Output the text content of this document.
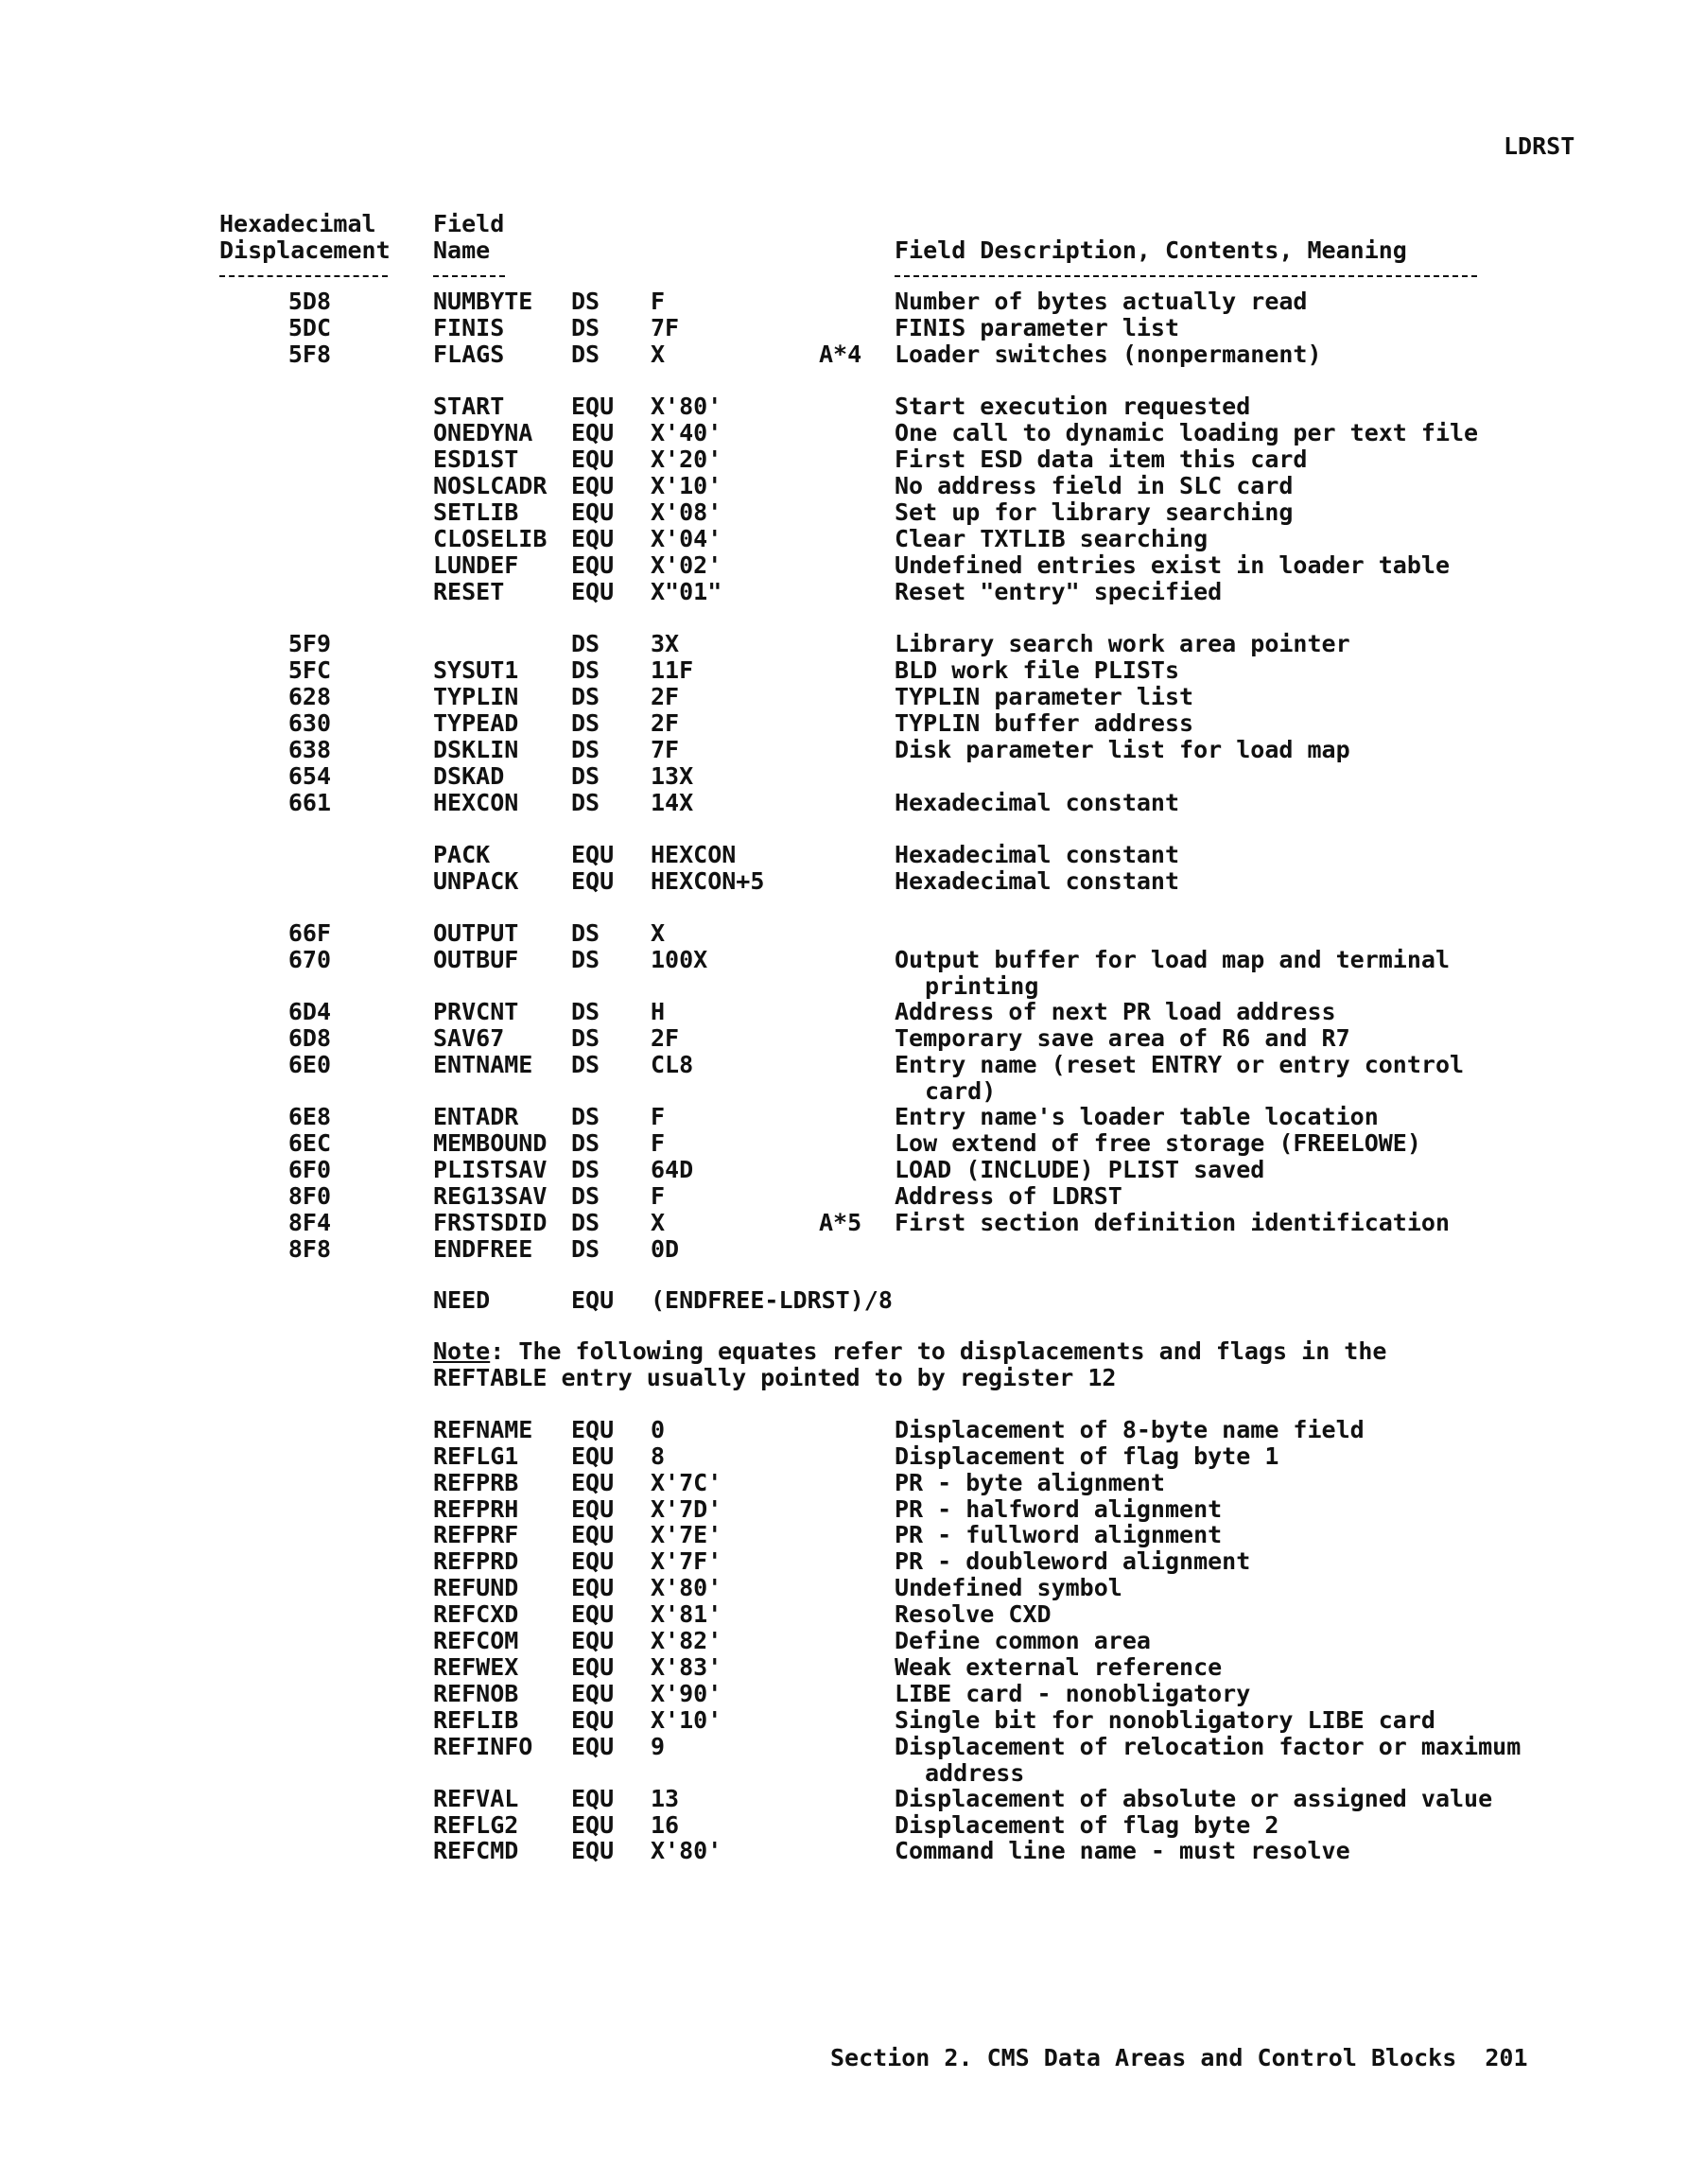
LDRST
Hexadecimal
Displacement
Field
Name	Field Description, Contents, Meaning
5D8	NUMBYTE DS F	Number of bytes actually read
5DC	FINIS	DS 7F	FINIS parameter list
5F8	FLAGS	DS X	A*4 Loader switches (nonpermanent)
START	EQU X'80'	Start execution requested
ONEDYNA EQU X'40'	One call to dynamic loading per text file
ESD1ST EQU X'20'	First ESD data item this card
NOSLCADR EQU X'10'	No address field in SLC card
SETLIB EQU X'08'	Set up for library searching
CLOSELIB EQU X'04'	Clear TXTLIB searching
LUNDEF EQU X'02'	Undefined entries exist in loader table
RESET	EQU X"01"	Reset "entry" specified
5F9	DS 3X	Library search work area pointer
5FC	SYSUT1 DS 11F	BLD work file PLISTs
628	TYPLIN DS 2F	TYPLIN parameter list
630	TYPEAD DS 2F	TYPLIN buffer address
638	DSKLIN DS 7F	Disk parameter list for load map
654	DSKAD	DS 13X
661	HEXCON DS 14X	Hexadecimal constant
PACK	EQU HEXCON	Hexadecimal constant
UNPACK EQU HEXCON+5	Hexadecimal constant
66F	OUTPUT DS X
670	OUTBUF DS 100X	Output buffer for load map and terminal
printing
6D4	PRVCNT DS H	Address of next PR load address
6D8	SAV67	DS 2F	Temporary save area of R6 and R7
6E0	ENTNAME DS CL8	Entry name (reset ENTRY or entry control
card)
6E8	ENTADR DS F	Entry name's loader table location
6EC	MEMBOUND DS F	Low extend of free storage (FREELOWE)
6F0	PLISTSAV DS 64D	LOAD (INCLUDE) PLIST saved
8F0	REG13SAV DS F	Address of LDRST
8F4	FRSTSDID DS X	A*5 First section definition identification
8F8	ENDFREE DS 0D
NEED	EQU (ENDFREE-LDRST)/8
Note: The following equates refer to displacements and flags in the
REFTABLE entry usually pointed to by register 12
REFNAME EQU 0	Displacement of 8-byte name field
REFLG1 EQU 8	Displacement of flag byte 1
REFPRB EQU X'7C'	PR - byte alignment
REFPRH EQU X'7D'	PR - halfword alignment
REFPRF EQU X'7E'	PR - fullword alignment
REFPRD EQU X'7F'	PR - doubleword alignment
REFUND EQU X'80'	Undefined symbol
REFCXD EQU X'81'	Resolve CXD
REFCOM EQU X'82'	Define common area
REFWEX EQU X'83'	Weak external reference
REFNOB EQU X'90'	LIBE card - nonobligatory
REFLIB EQU X'10'	Single bit for nonobligatory LIBE card
REFINFO EQU 9	Displacement of relocation factor or maximum
address
REFVAL EQU 13	Displacement of absolute or assigned value
REFLG2 EQU 16	Displacement of flag byte 2
REFCMD EQU X'80'	Command line name - must resolve
Section 2. CMS Data Areas and Control Blocks  201
